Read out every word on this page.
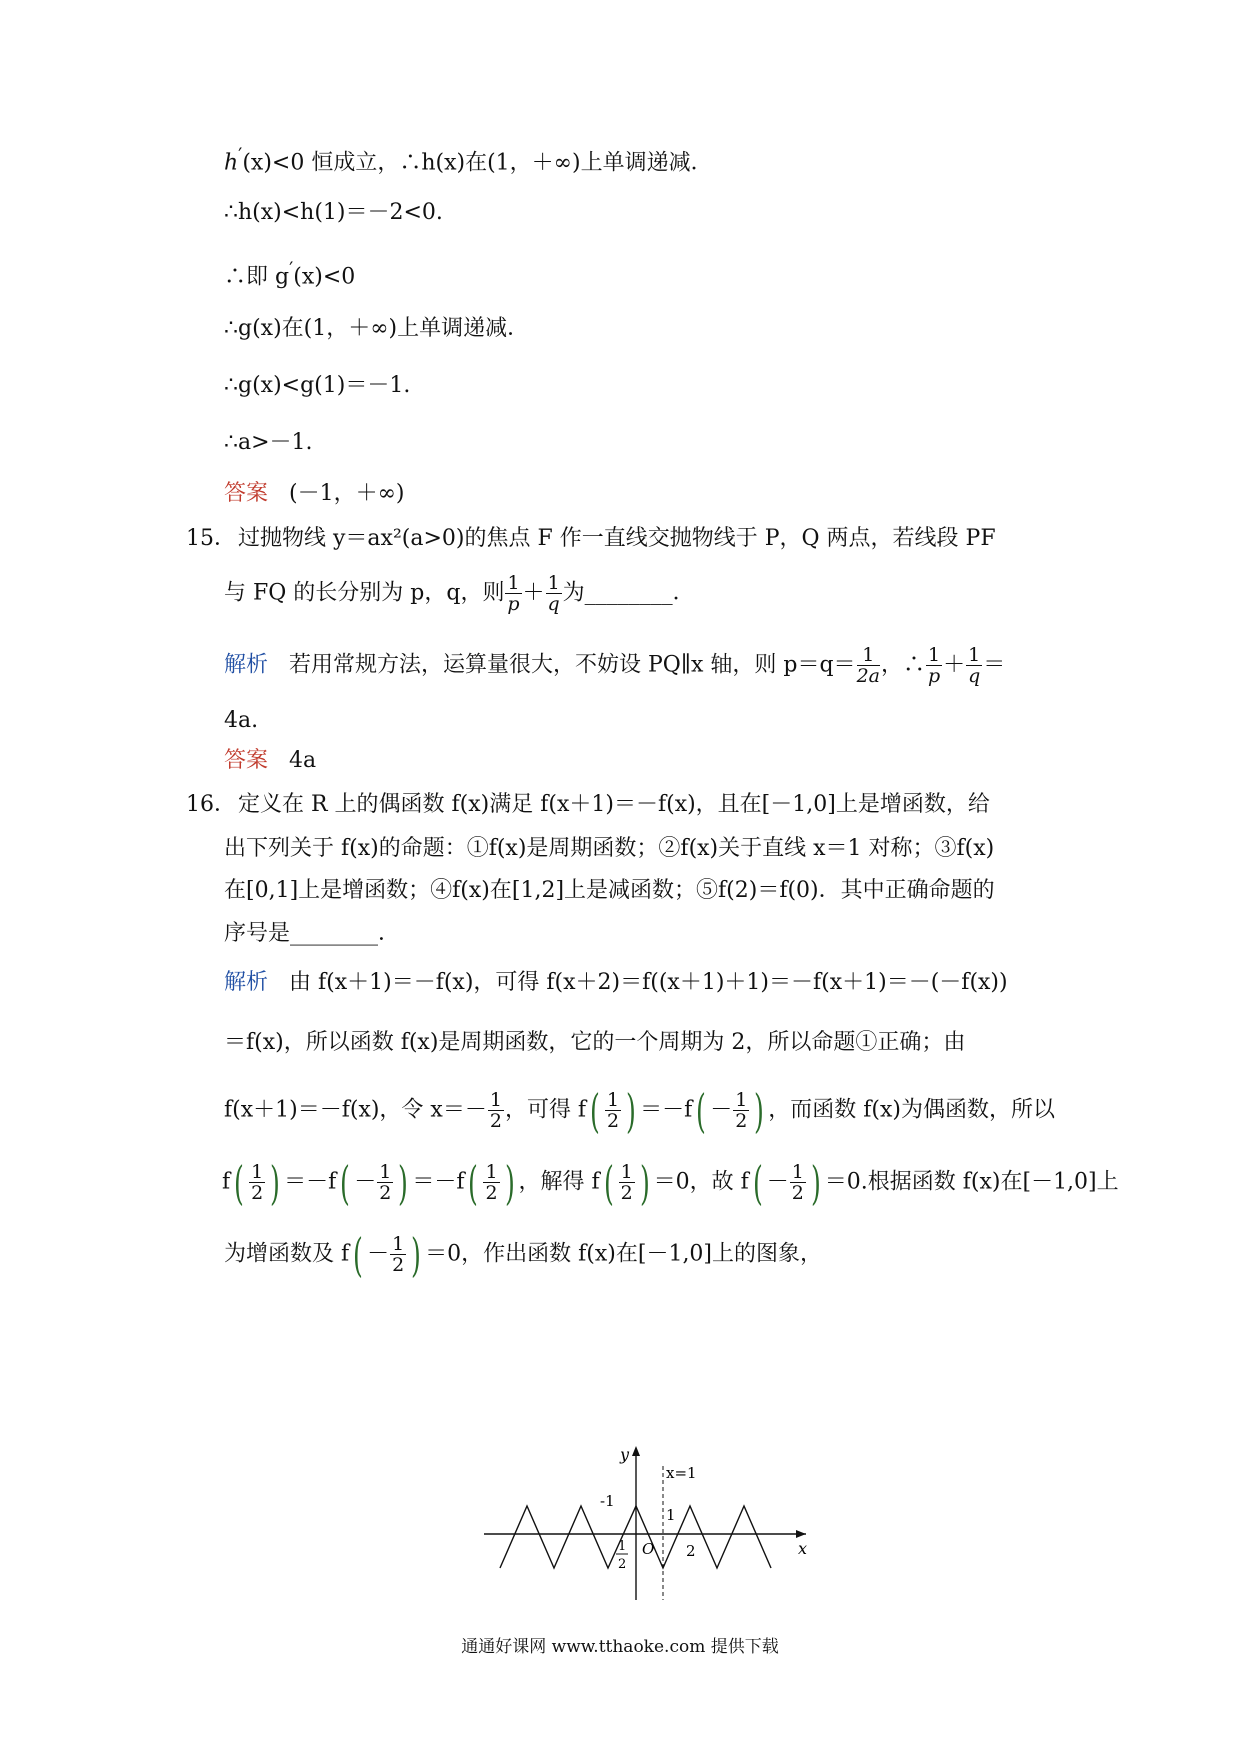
h′(x)<0 恒成立，∴h(x)在(1，＋∞)上单调递减．
∴h(x)<h(1)＝－2<0.
∴即 g′(x)<0
∴g(x)在(1，＋∞)上单调递减．
∴g(x)<g(1)＝－1.
∴a>－1.
答案 (－1，＋∞)
15． 过抛物线 y＝ax²(a>0)的焦点 F 作一直线交抛物线于 P，Q 两点，若线段 PF
与 FQ 的长分别为 p，q，则 $\frac{1}{p} + \frac{1}{q}$ 为________．
解析 若用常规方法，运算量很大，不妨设 PQ∥x 轴，则 $p=q= \frac{1}{2a}$ ，∴ $\frac{1}{p} + \frac{1}{q}$ ＝
4a.
答案 4a
16． 定义在 R 上的偶函数 f(x)满足 f(x＋1)＝－f(x)，且在[－1,0]上是增函数，给
出下列关于 f(x)的命题：①f(x)是周期函数；②f(x)关于直线 x＝1 对称；③f(x)
在[0,1]上是增函数；④f(x)在[1,2]上是减函数；⑤f(2)＝f(0)．其中正确命题的
序号是________．
解析 由 f(x＋1)＝－f(x)，可得 f(x＋2)＝f((x＋1)＋1)＝－f(x＋1)＝－(－f(x))
＝f(x)，所以函数 f(x)是周期函数，它的一个周期为 2，所以命题①正确；由
f(x＋1)＝－f(x)，令 $x=- \frac{1}{2}$ ，可得 $f( \frac{1}{2}$ ) $=-f( - \frac{1}{2}$ ) ，而函数 f(x)为偶函数，所以
$f( \frac{1}{2}$ ) $=-f( - \frac{1}{2}$ ) $=-f( \frac{1}{2}$ ) ，解得 $f( \frac{1}{2}$ ) ＝0，故 $f( - \frac{1}{2}$ ) ＝0.根据函数 f(x)在[－1,0]上
为增函数及 $f( - \frac{1}{2}$ ) ＝0，作出函数 f(x)在[－1,0]上的图象，
y
x
x=1
-1
1
O
1
2
2
通通好课网 www.tthaoke.com 提供下载
